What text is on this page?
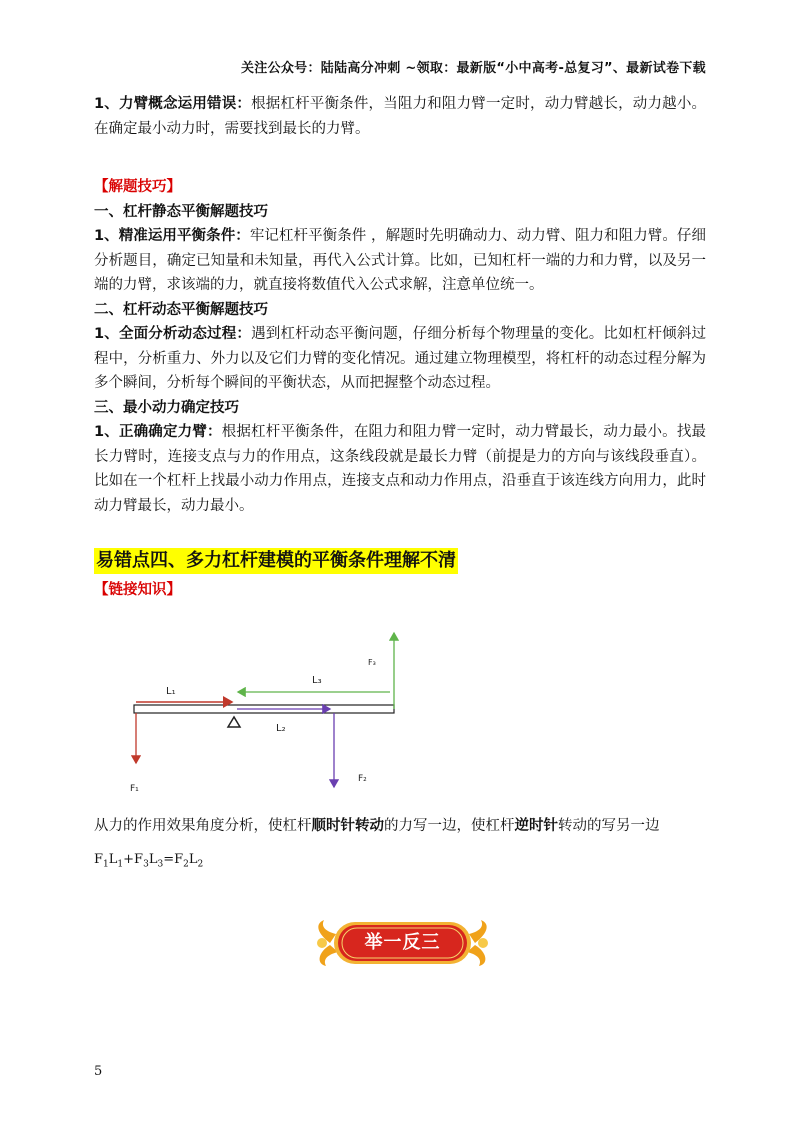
关注公众号：陆陆高分冲刺 ~领取：最新版“小中高考-总复习”、最新试卷下载

1、力臂概念运用错误：根据杠杆平衡条件，当阻力和阻力臂一定时，动力臂越长，动力越小。在确定最小动力时，需要找到最长的力臂。

【解题技巧】

一、杠杆静态平衡解题技巧

1、精准运用平衡条件：牢记杠杆平衡条件 ，解题时先明确动力、动力臂、阻力和阻力臂。仔细分析题目，确定已知量和未知量，再代入公式计算。比如，已知杠杆一端的力和力臂，以及另一端的力臂，求该端的力，就直接将数值代入公式求解，注意单位统一。

二、杠杆动态平衡解题技巧

1、全面分析动态过程：遇到杠杆动态平衡问题，仔细分析每个物理量的变化。比如杠杆倾斜过程中，分析重力、外力以及它们力臂的变化情况。通过建立物理模型，将杠杆的动态过程分解为多个瞬间，分析每个瞬间的平衡状态，从而把握整个动态过程。

三、最小动力确定技巧

1、正确确定力臂：根据杠杆平衡条件，在阻力和阻力臂一定时，动力臂最长，动力最小。找最长力臂时，连接支点与力的作用点，这条线段就是最长力臂（前提是力的方向与该线段垂直）。比如在一个杠杆上找最小动力作用点，连接支点和动力作用点，沿垂直于该连线方向用力，此时动力臂最长，动力最小。

易错点四、多力杠杆建模的平衡条件理解不清
【链接知识】
L₁
L₃
L₂
F₁
F₂
F₃

从力的作用效果角度分析，使杠杆顺时针转动的力写一边，使杠杆逆时针转动的写另一边

$F_1L_1+F_3L_3=F_2L_2$
举一反三
5
